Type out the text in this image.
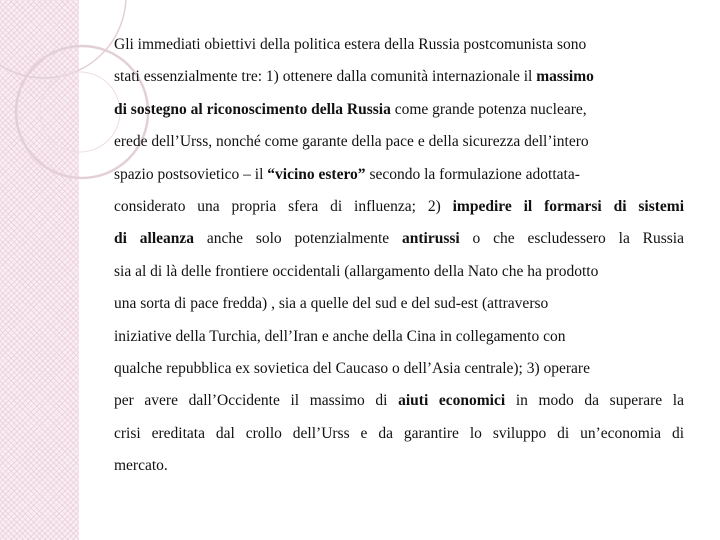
Gli immediati obiettivi della politica estera della Russia postcomunista sono
stati essenzialmente tre: 1) ottenere dalla comunità internazionale il massimo
di sostegno al riconoscimento della Russia come grande potenza nucleare,
erede dell’Urss, nonché come garante della pace e della sicurezza dell’intero
spazio postsovietico – il “vicino estero” secondo la formulazione adottata-
considerato una propria sfera di influenza; 2) impedire il formarsi di sistemi
di alleanza anche solo potenzialmente antirussi o che escludessero la Russia
sia al di là delle frontiere occidentali (allargamento della Nato che ha prodotto
una sorta di pace fredda) , sia a quelle del sud e del sud-est (attraverso
iniziative della Turchia, dell’Iran e anche della Cina in collegamento con
qualche repubblica ex sovietica del Caucaso o dell’Asia centrale); 3) operare
per avere dall’Occidente il massimo di aiuti economici in modo da superare la
crisi ereditata dal crollo dell’Urss e da garantire lo sviluppo di un’economia di
mercato.
